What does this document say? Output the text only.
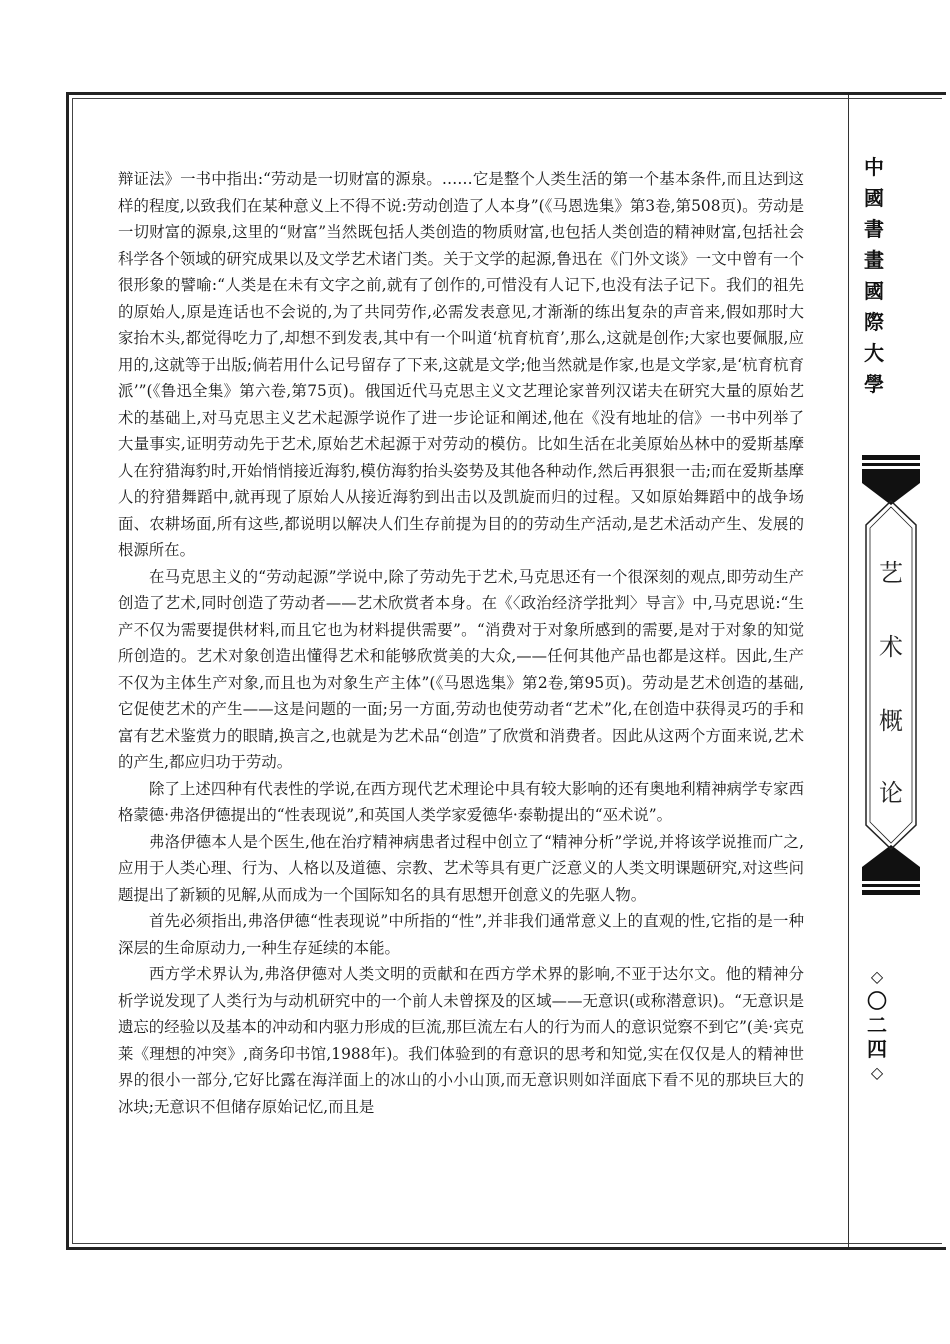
辩证法》一书中指出:“劳动是一切财富的源泉。……它是整个人类生活的第一个基本条件,而且达到这样的程度,以致我们在某种意义上不得不说:劳动创造了人本身”(《马恩选集》第3卷,第508页)。劳动是一切财富的源泉,这里的“财富”当然既包括人类创造的物质财富,也包括人类创造的精神财富,包括社会科学各个领域的研究成果以及文学艺术诸门类。关于文学的起源,鲁迅在《门外文谈》一文中曾有一个很形象的譬喻:“人类是在未有文字之前,就有了创作的,可惜没有人记下,也没有法子记下。我们的祖先的原始人,原是连话也不会说的,为了共同劳作,必需发表意见,才渐渐的练出复杂的声音来,假如那时大家抬木头,都觉得吃力了,却想不到发表,其中有一个叫道‘杭育杭育’,那么,这就是创作;大家也要佩服,应用的,这就等于出版;倘若用什么记号留存了下来,这就是文学;他当然就是作家,也是文学家,是‘杭育杭育派’”(《鲁迅全集》第六卷,第75页)。俄国近代马克思主义文艺理论家普列汉诺夫在研究大量的原始艺术的基础上,对马克思主义艺术起源学说作了进一步论证和阐述,他在《没有地址的信》一书中列举了大量事实,证明劳动先于艺术,原始艺术起源于对劳动的模仿。比如生活在北美原始丛林中的爱斯基摩人在狩猎海豹时,开始悄悄接近海豹,模仿海豹抬头姿势及其他各种动作,然后再狠狠一击;而在爱斯基摩人的狩猎舞蹈中,就再现了原始人从接近海豹到出击以及凯旋而归的过程。又如原始舞蹈中的战争场面、农耕场面,所有这些,都说明以解决人们生存前提为目的的劳动生产活动,是艺术活动产生、发展的根源所在。

在马克思主义的“劳动起源”学说中,除了劳动先于艺术,马克思还有一个很深刻的观点,即劳动生产创造了艺术,同时创造了劳动者——艺术欣赏者本身。在《〈政治经济学批判〉导言》中,马克思说:“生产不仅为需要提供材料,而且它也为材料提供需要”。“消费对于对象所感到的需要,是对于对象的知觉所创造的。艺术对象创造出懂得艺术和能够欣赏美的大众,——任何其他产品也都是这样。因此,生产不仅为主体生产对象,而且也为对象生产主体”(《马恩选集》第2卷,第95页)。劳动是艺术创造的基础,它促使艺术的产生——这是问题的一面;另一方面,劳动也使劳动者“艺术”化,在创造中获得灵巧的手和富有艺术鉴赏力的眼睛,换言之,也就是为艺术品“创造”了欣赏和消费者。因此从这两个方面来说,艺术的产生,都应归功于劳动。

除了上述四种有代表性的学说,在西方现代艺术理论中具有较大影响的还有奥地利精神病学专家西格蒙德·弗洛伊德提出的“性表现说”,和英国人类学家爱德华·泰勒提出的“巫术说”。

弗洛伊德本人是个医生,他在治疗精神病患者过程中创立了“精神分析”学说,并将该学说推而广之,应用于人类心理、行为、人格以及道德、宗教、艺术等具有更广泛意义的人类文明课题研究,对这些问题提出了新颖的见解,从而成为一个国际知名的具有思想开创意义的先驱人物。

首先必须指出,弗洛伊德“性表现说”中所指的“性”,并非我们通常意义上的直观的性,它指的是一种深层的生命原动力,一种生存延续的本能。

西方学术界认为,弗洛伊德对人类文明的贡献和在西方学术界的影响,不亚于达尔文。他的精神分析学说发现了人类行为与动机研究中的一个前人未曾探及的区域——无意识(或称潜意识)。“无意识是遗忘的经验以及基本的冲动和内驱力形成的巨流,那巨流左右人的行为而人的意识觉察不到它”(美·宾克莱《理想的冲突》,商务印书馆,1988年)。我们体验到的有意识的思考和知觉,实在仅仅是人的精神世界的很小一部分,它好比露在海洋面上的冰山的小小山顶,而无意识则如洋面底下看不见的那块巨大的冰块;无意识不但储存原始记忆,而且是

中
國
書
畫
國
際
大
學
艺
术
概
论
◇
〇
二
四
◇
